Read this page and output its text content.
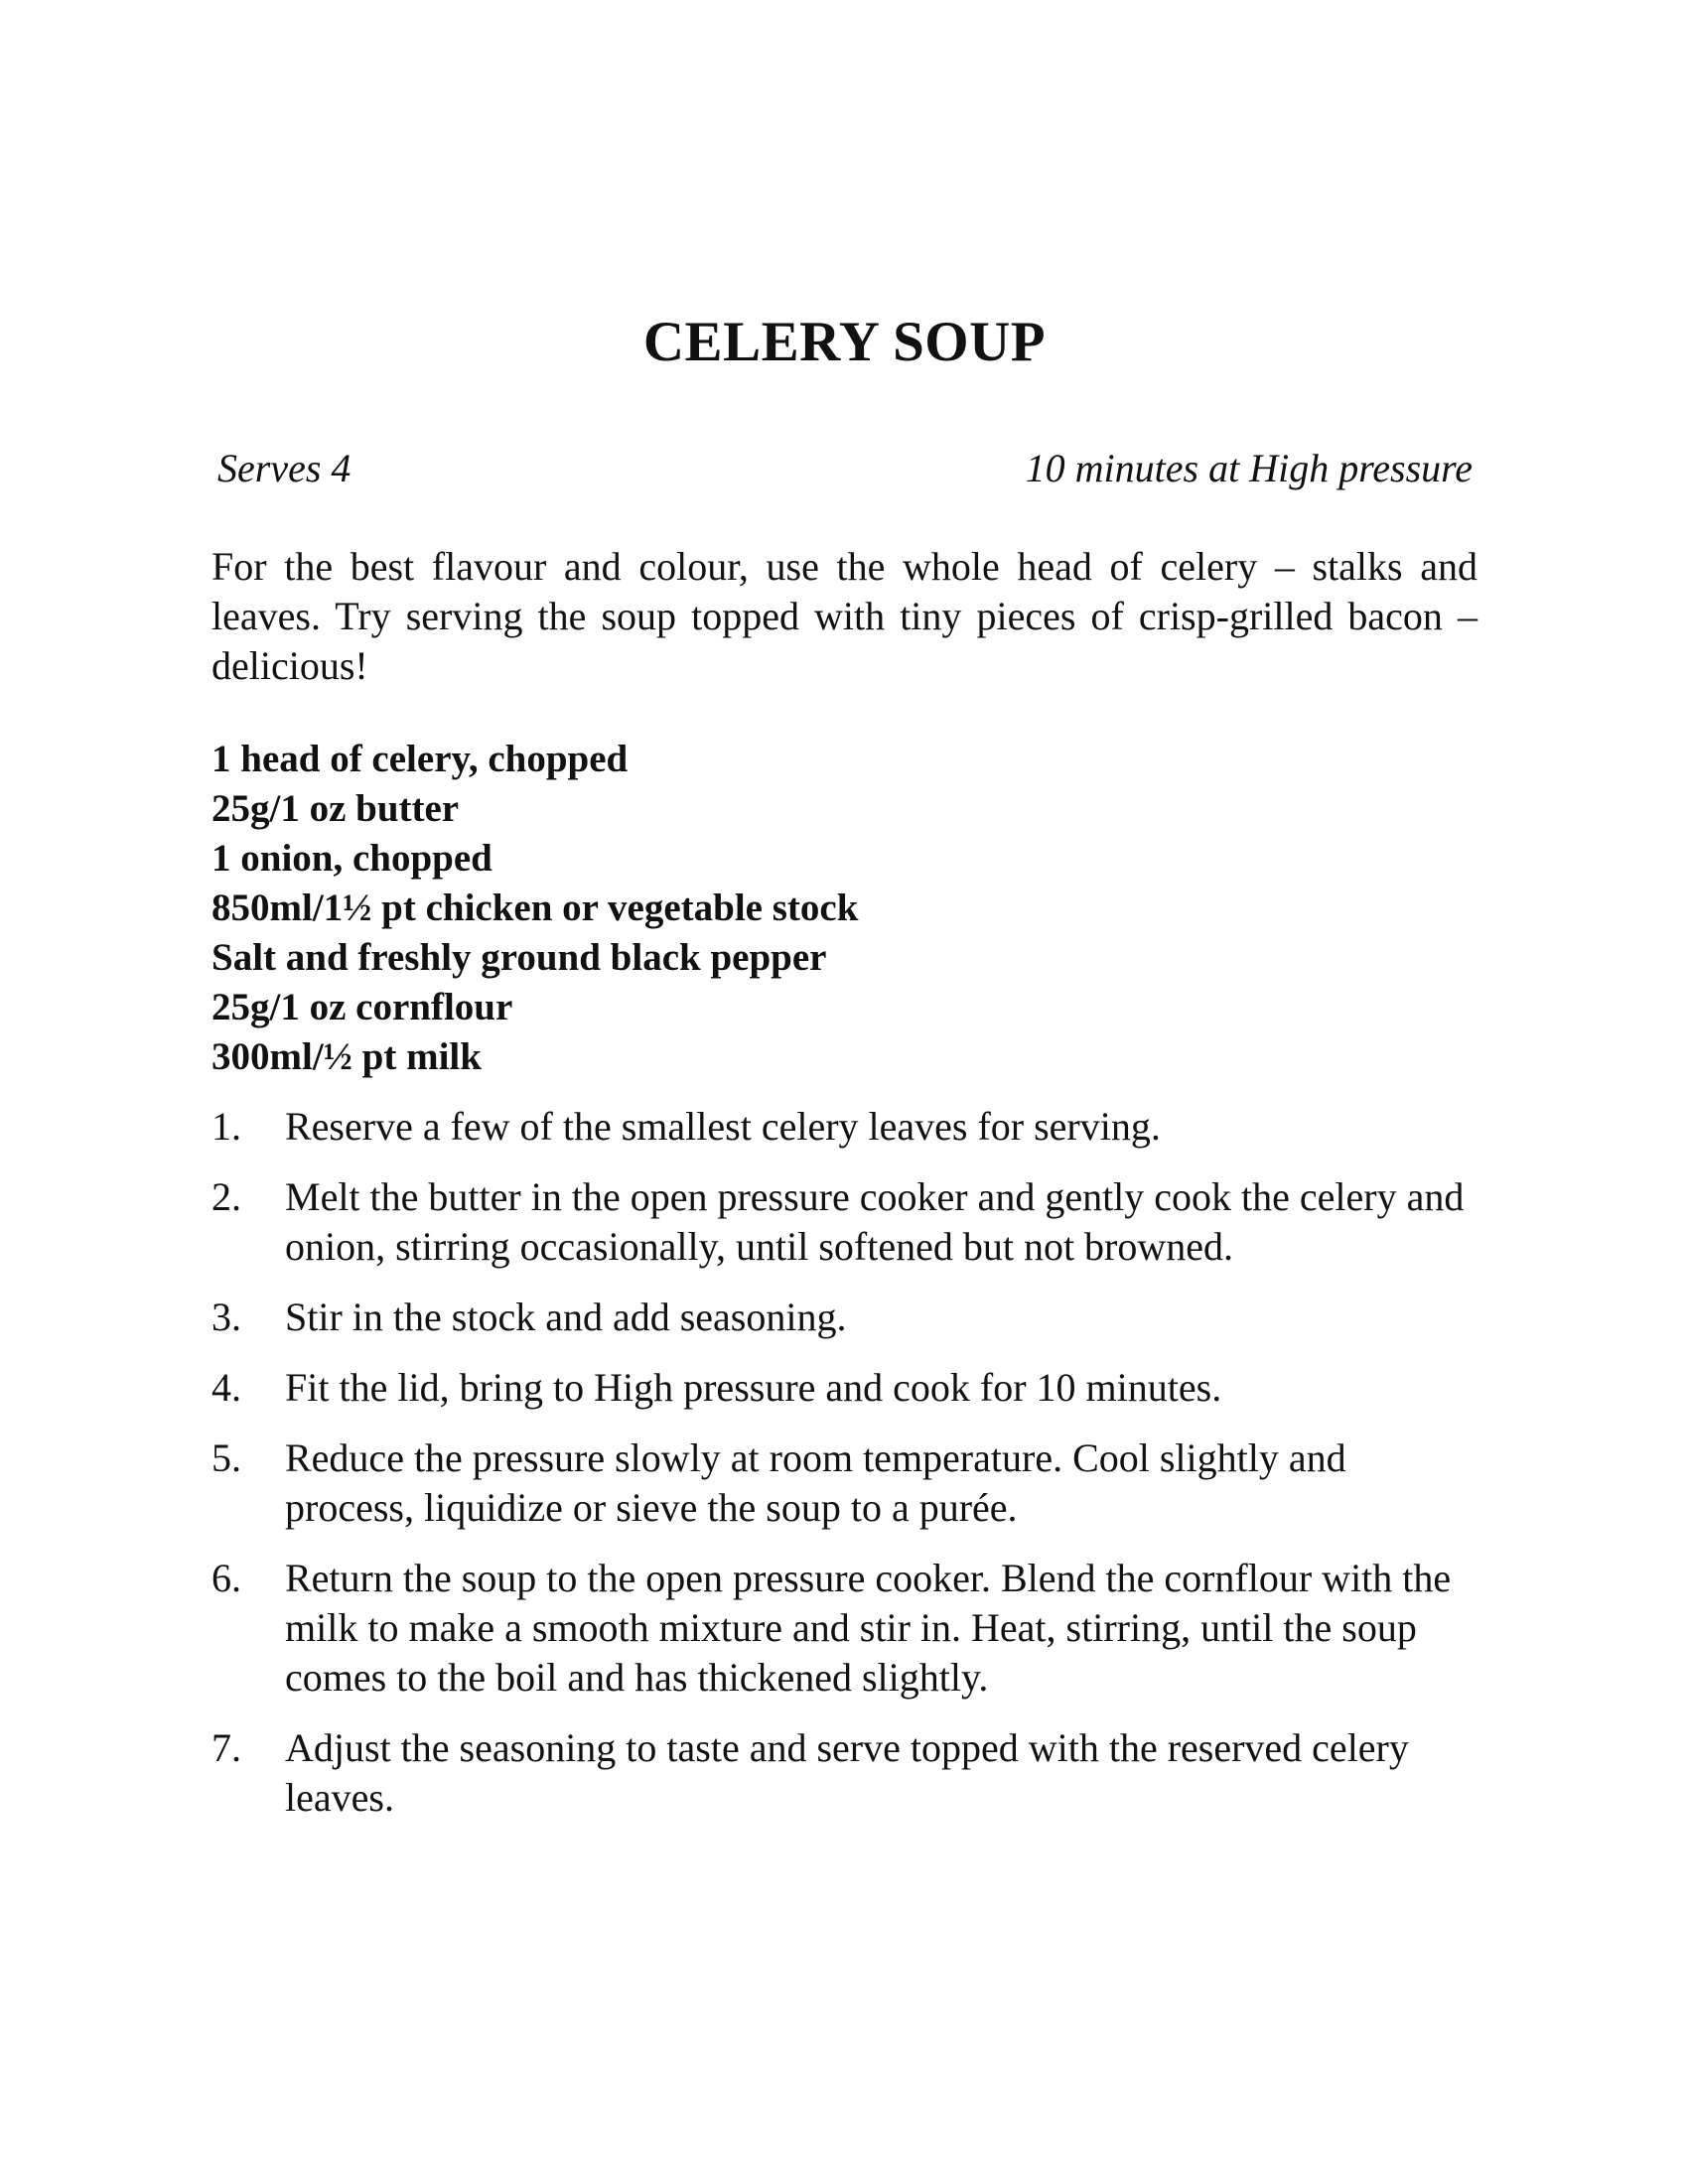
CELERY SOUP
Serves 4	10 minutes at High pressure

For the best flavour and colour, use the whole head of celery – stalks and leaves. Try serving the soup topped with tiny pieces of crisp-grilled bacon – delicious!

1 head of celery, chopped
25g/1 oz butter
1 onion, chopped
850ml/1½ pt chicken or vegetable stock
Salt and freshly ground black pepper
25g/1 oz cornflour
300ml/½ pt milk
1.	Reserve a few of the smallest celery leaves for serving.
2.	Melt the butter in the open pressure cooker and gently cook the celery and onion, stirring occasionally, until softened but not browned.
3.	Stir in the stock and add seasoning.
4.	Fit the lid, bring to High pressure and cook for 10 minutes.
5.	Reduce the pressure slowly at room temperature. Cool slightly and process, liquidize or sieve the soup to a purée.
6.	Return the soup to the open pressure cooker. Blend the cornflour with the milk to make a smooth mixture and stir in. Heat, stirring, until the soup comes to the boil and has thickened slightly.
7.	Adjust the seasoning to taste and serve topped with the reserved celery leaves.
